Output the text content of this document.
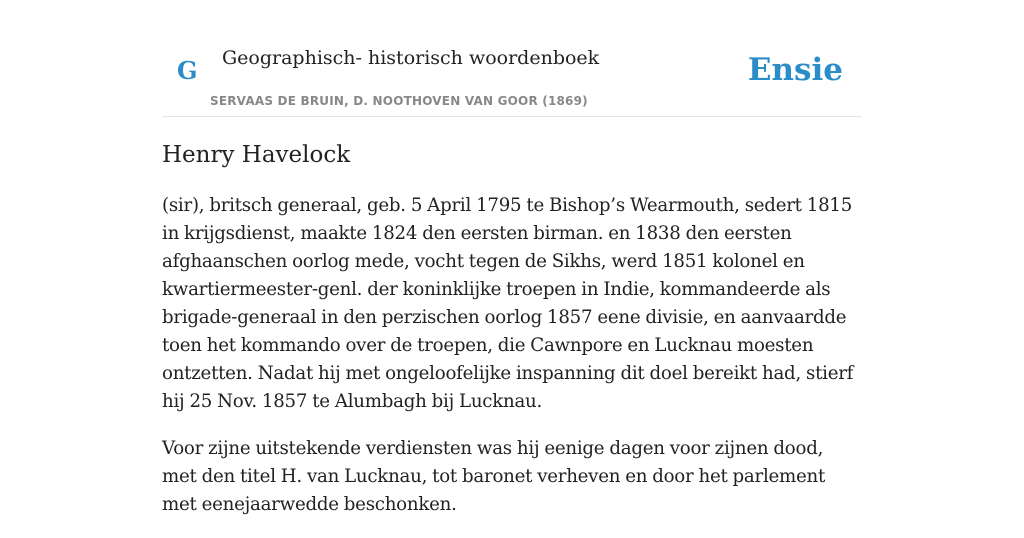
G Geographisch- historisch woordenboek
SERVAAS DE BRUIN, D. NOOTHOVEN VAN GOOR (1869)
Ensie
Henry Havelock

(sir), britsch generaal, geb. 5 April 1795 te Bishop’s Wearmouth, sedert 1815 in krijgsdienst, maakte 1824 den eersten birman. en 1838 den eersten afghaanschen oorlog mede, vocht tegen de Sikhs, werd 1851 kolonel en kwartiermeester-genl. der koninklijke troepen in Indie, kommandeerde als brigade-generaal in den perzischen oorlog 1857 eene divisie, en aanvaardde toen het kommando over de troepen, die Cawnpore en Lucknau moesten ontzetten. Nadat hij met ongeloofelijke inspanning dit doel bereikt had, stierf hij 25 Nov. 1857 te Alumbagh bij Lucknau.

Voor zijne uitstekende verdiensten was hij eenige dagen voor zijnen dood, met den titel H. van Lucknau, tot baronet verheven en door het parlement met eenejaarwedde beschonken.
